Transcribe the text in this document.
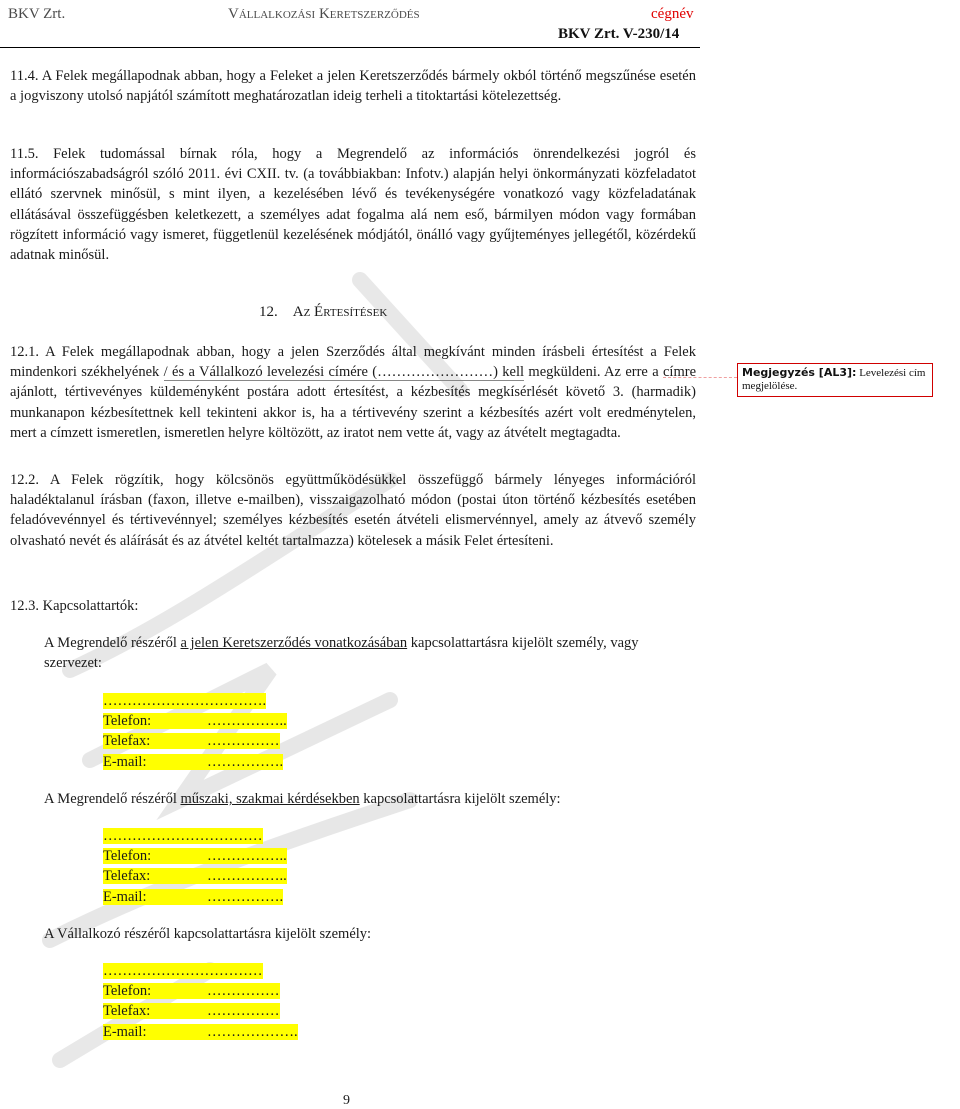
BKV Zrt.	Vállalkozási Keretszerződés	cégnév
BKV Zrt. V-230/14

11.4. A Felek megállapodnak abban, hogy a Feleket a jelen Keretszerződés bármely okból történő megszűnése esetén a jogviszony utolsó napjától számított meghatározatlan ideig terheli a titoktartási kötelezettség.

11.5. Felek tudomással bírnak róla, hogy a Megrendelő az információs önrendelkezési jogról és információszabadságról szóló 2011. évi CXII. tv. (a továbbiakban: Infotv.) alapján helyi önkormányzati közfeladatot ellátó szervnek minősül, s mint ilyen, a kezelésében lévő és tevékenységére vonatkozó vagy közfeladatának ellátásával összefüggésben keletkezett, a személyes adat fogalma alá nem eső, bármilyen módon vagy formában rögzített információ vagy ismeret, függetlenül kezelésének módjától, önálló vagy gyűjteményes jellegétől, közérdekű adatnak minősül.

12. Az Értesítések

12.1. A Felek megállapodnak abban, hogy a jelen Szerződés által megkívánt minden írásbeli értesítést a Felek mindenkori székhelyének / és a Vállalkozó levelezési címére (……………………) kell megküldeni. Az erre a címre ajánlott, tértivevényes küldeményként postára adott értesítést, a kézbesítés megkísérlését követő 3. (harmadik) munkanapon kézbesítettnek kell tekinteni akkor is, ha a tértivevény szerint a kézbesítés azért volt eredménytelen, mert a címzett ismeretlen, ismeretlen helyre költözött, az iratot nem vette át, vagy az átvételt megtagadta.

Megjegyzés [AL3]: Levelezési cím megjelölése.

12.2. A Felek rögzítik, hogy kölcsönös együttműködésükkel összefüggő bármely lényeges információról haladéktalanul írásban (faxon, illetve e-mailben), visszaigazolható módon (postai úton történő kézbesítés esetében feladóvevénnyel és tértivevénnyel; személyes kézbesítés esetén átvételi elismervénnyel, amely az átvevő személy olvasható nevét és aláírását és az átvétel keltét tartalmazza) kötelesek a másik Felet értesíteni.

12.3. Kapcsolattartók:

A Megrendelő részéről a jelen Keretszerződés vonatkozásában kapcsolattartásra kijelölt személy, vagy szervezet:
…………………………….
Telefon:	……………..
Telefax:	……………
E-mail:	…………….
A Megrendelő részéről műszaki, szakmai kérdésekben kapcsolattartásra kijelölt személy:
……………………………
Telefon:	……………..
Telefax:	……………..
E-mail:	…………….
A Vállalkozó részéről kapcsolattartásra kijelölt személy:
……………………………
Telefon:	……………
Telefax:	……………
E-mail:	……………….
9
